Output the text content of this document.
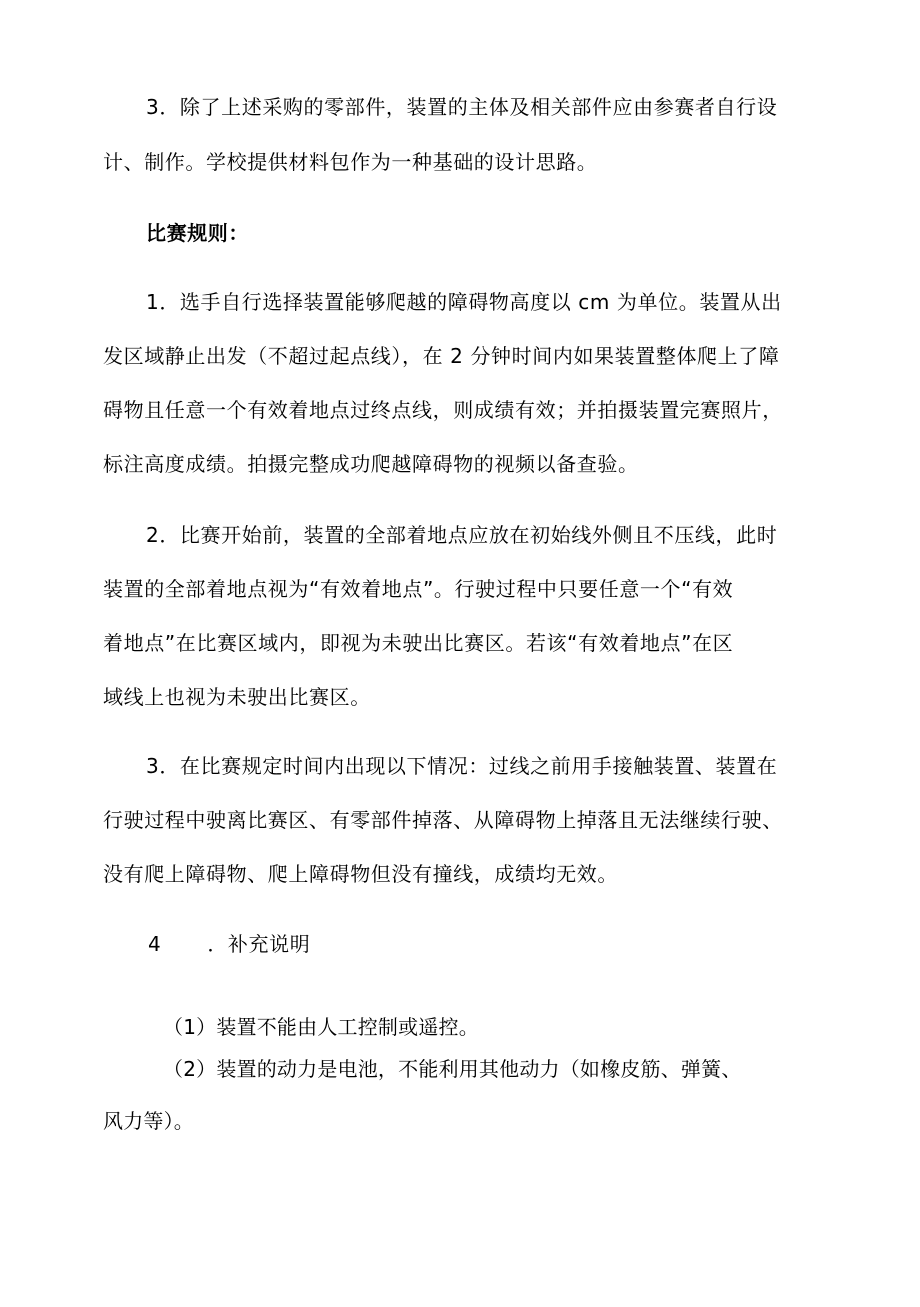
3．除了上述采购的零部件，装置的主体及相关部件应由参赛者自行设
计、制作。学校提供材料包作为一种基础的设计思路。
比赛规则：
1．选手自行选择装置能够爬越的障碍物高度以 cm 为单位。装置从出
发区域静止出发（不超过起点线），在 2 分钟时间内如果装置整体爬上了障
碍物且任意一个有效着地点过终点线，则成绩有效；并拍摄装置完赛照片，
标注高度成绩。拍摄完整成功爬越障碍物的视频以备查验。
2．比赛开始前，装置的全部着地点应放在初始线外侧且不压线，此时
装置的全部着地点视为“有效着地点”。行驶过程中只要任意一个“有效
着地点”在比赛区域内，即视为未驶出比赛区。若该“有效着地点”在区
域线上也视为未驶出比赛区。
3．在比赛规定时间内出现以下情况：过线之前用手接触装置、装置在
行驶过程中驶离比赛区、有零部件掉落、从障碍物上掉落且无法继续行驶、
没有爬上障碍物、爬上障碍物但没有撞线，成绩均无效。
4 ．补充说明
（1）装置不能由人工控制或遥控。
（2）装置的动力是电池，不能利用其他动力（如橡皮筋、弹簧、
风力等）。
